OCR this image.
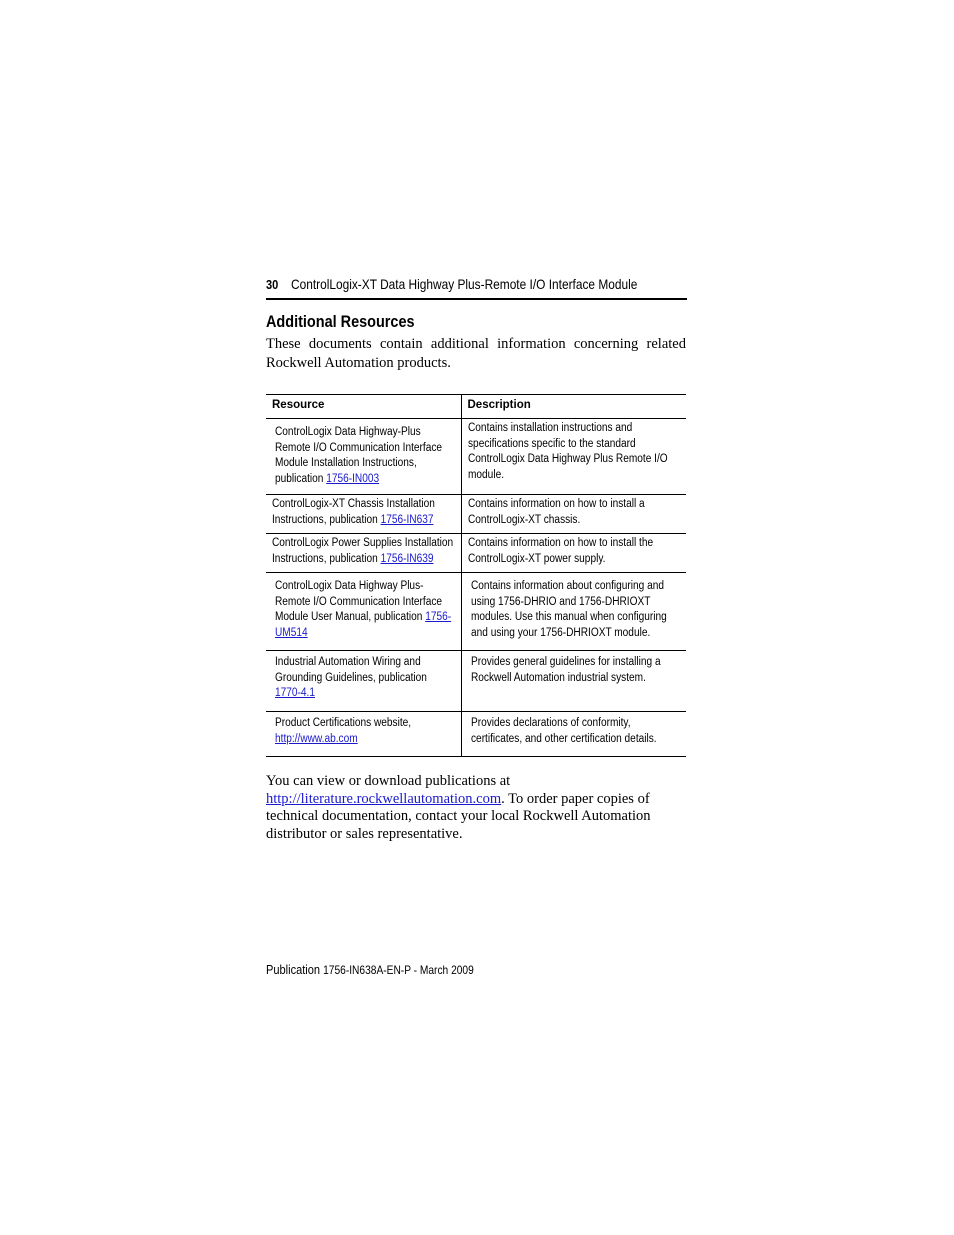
30 ControlLogix-XT Data Highway Plus-Remote I/O Interface Module
Additional Resources

These documents contain additional information concerning related Rockwell Automation products.

Resource	Description

ControlLogix Data Highway-Plus Remote I/O Communication Interface Module Installation Instructions, publication 1756-IN003	Contains installation instructions and specifications specific to the standard ControlLogix Data Highway Plus Remote I/O module.

ControlLogix-XT Chassis Installation Instructions, publication 1756-IN637	Contains information on how to install a ControlLogix-XT chassis.

ControlLogix Power Supplies Installation Instructions, publication 1756-IN639	Contains information on how to install the ControlLogix-XT power supply.

ControlLogix Data Highway Plus-Remote I/O Communication Interface Module User Manual, publication 1756-UM514	Contains information about configuring and using 1756-DHRIO and 1756-DHRIOXT modules. Use this manual when configuring and using your 1756-DHRIOXT module.

Industrial Automation Wiring and Grounding Guidelines, publication 1770-4.1	Provides general guidelines for installing a Rockwell Automation industrial system.

Product Certifications website, http://www.ab.com	Provides declarations of conformity, certificates, and other certification details.

You can view or download publications at http://literature.rockwellautomation.com. To order paper copies of technical documentation, contact your local Rockwell Automation distributor or sales representative.

Publication 1756-IN638A-EN-P - March 2009
